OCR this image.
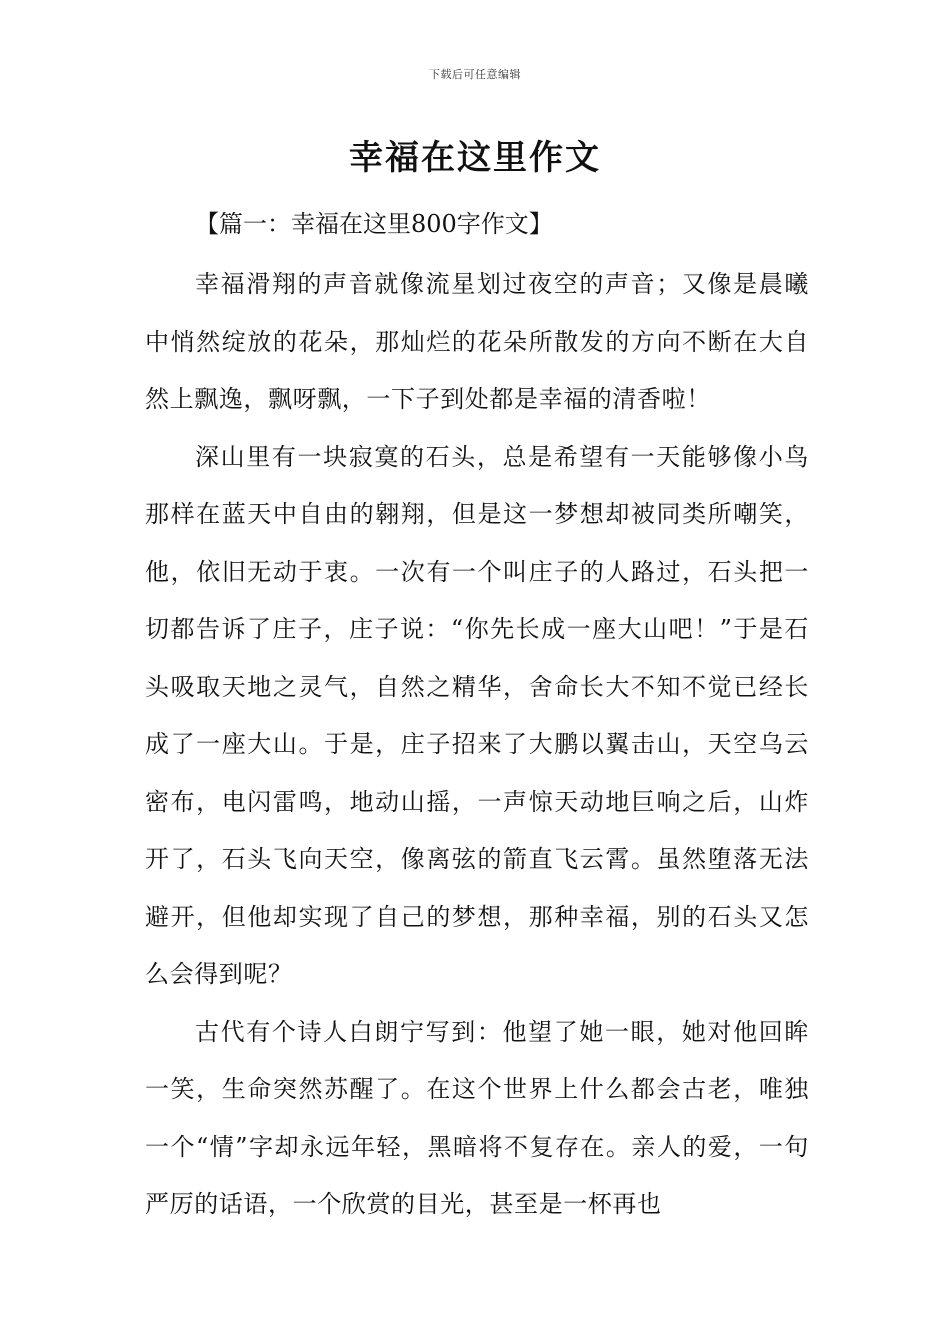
下载后可任意编辑
幸福在这里作文
【篇一：幸福在这里800字作文】

幸福滑翔的声音就像流星划过夜空的声音；又像是晨曦中悄然绽放的花朵，那灿烂的花朵所散发的方向不断在大自然上飘逸，飘呀飘，一下子到处都是幸福的清香啦！

深山里有一块寂寞的石头，总是希望有一天能够像小鸟那样在蓝天中自由的翱翔，但是这一梦想却被同类所嘲笑，他，依旧无动于衷。一次有一个叫庄子的人路过，石头把一切都告诉了庄子，庄子说：“你先长成一座大山吧！”于是石头吸取天地之灵气，自然之精华，舍命长大不知不觉已经长成了一座大山。于是，庄子招来了大鹏以翼击山，天空乌云密布，电闪雷鸣，地动山摇，一声惊天动地巨响之后，山炸开了，石头飞向天空，像离弦的箭直飞云霄。虽然堕落无法避开，但他却实现了自己的梦想，那种幸福，别的石头又怎么会得到呢？

古代有个诗人白朗宁写到：他望了她一眼，她对他回眸一笑，生命突然苏醒了。在这个世界上什么都会古老，唯独一个“情”字却永远年轻，黑暗将不复存在。亲人的爱，一句严厉的话语，一个欣赏的目光，甚至是一杯再也
